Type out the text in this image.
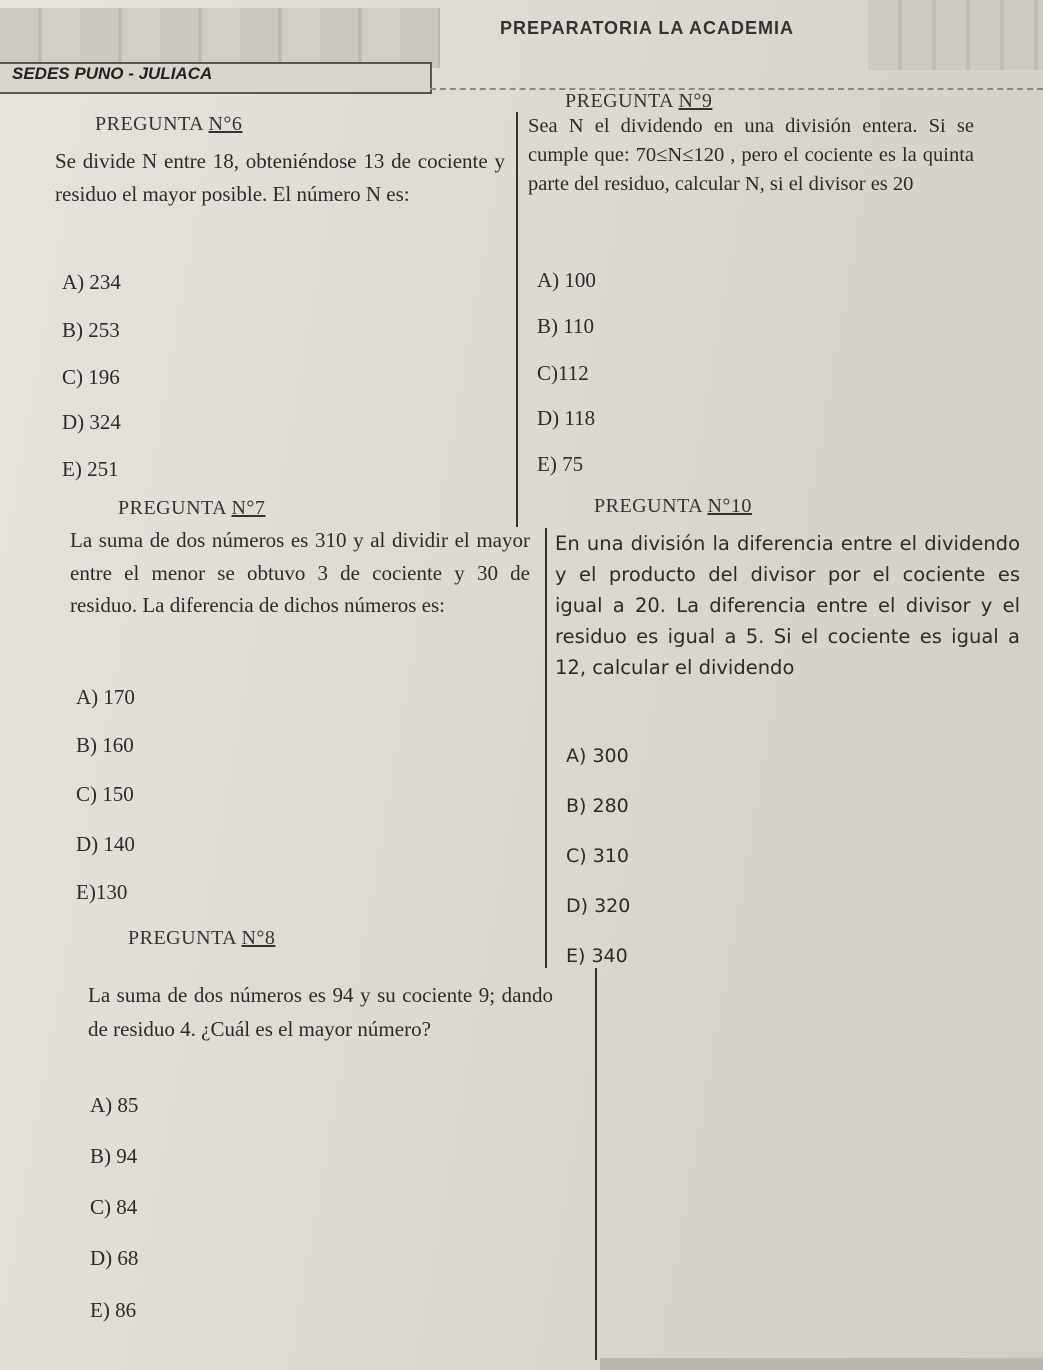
PREPARATORIA LA ACADEMIA
SEDES PUNO - JULIACA
PREGUNTA N°6
Se divide N entre 18, obteniéndose 13 de cociente y residuo el mayor posible. El número N es:
A) 234
B) 253
C) 196
D) 324
E) 251
PREGUNTA N°9
Sea N el dividendo en una división entera. Si se cumple que: 70≤N≤120 , pero el cociente es la quinta parte del residuo, calcular N, si el divisor es 20
A) 100
B) 110
C)112
D) 118
E) 75
PREGUNTA N°7
La suma de dos números es 310 y al dividir el mayor entre el menor se obtuvo 3 de cociente y 30 de residuo. La diferencia de dichos números es:
A) 170
B) 160
C) 150
D) 140
E)130
PREGUNTA N°10
En una división la diferencia entre el dividendo y el producto del divisor por el cociente es igual a 20. La diferencia entre el divisor y el residuo es igual a 5. Si el cociente es igual a 12, calcular el dividendo
A) 300
B) 280
C) 310
D) 320
E) 340
PREGUNTA N°8
La suma de dos números es 94 y su cociente 9; dando de residuo 4. ¿Cuál es el mayor número?
A) 85
B) 94
C) 84
D) 68
E) 86
